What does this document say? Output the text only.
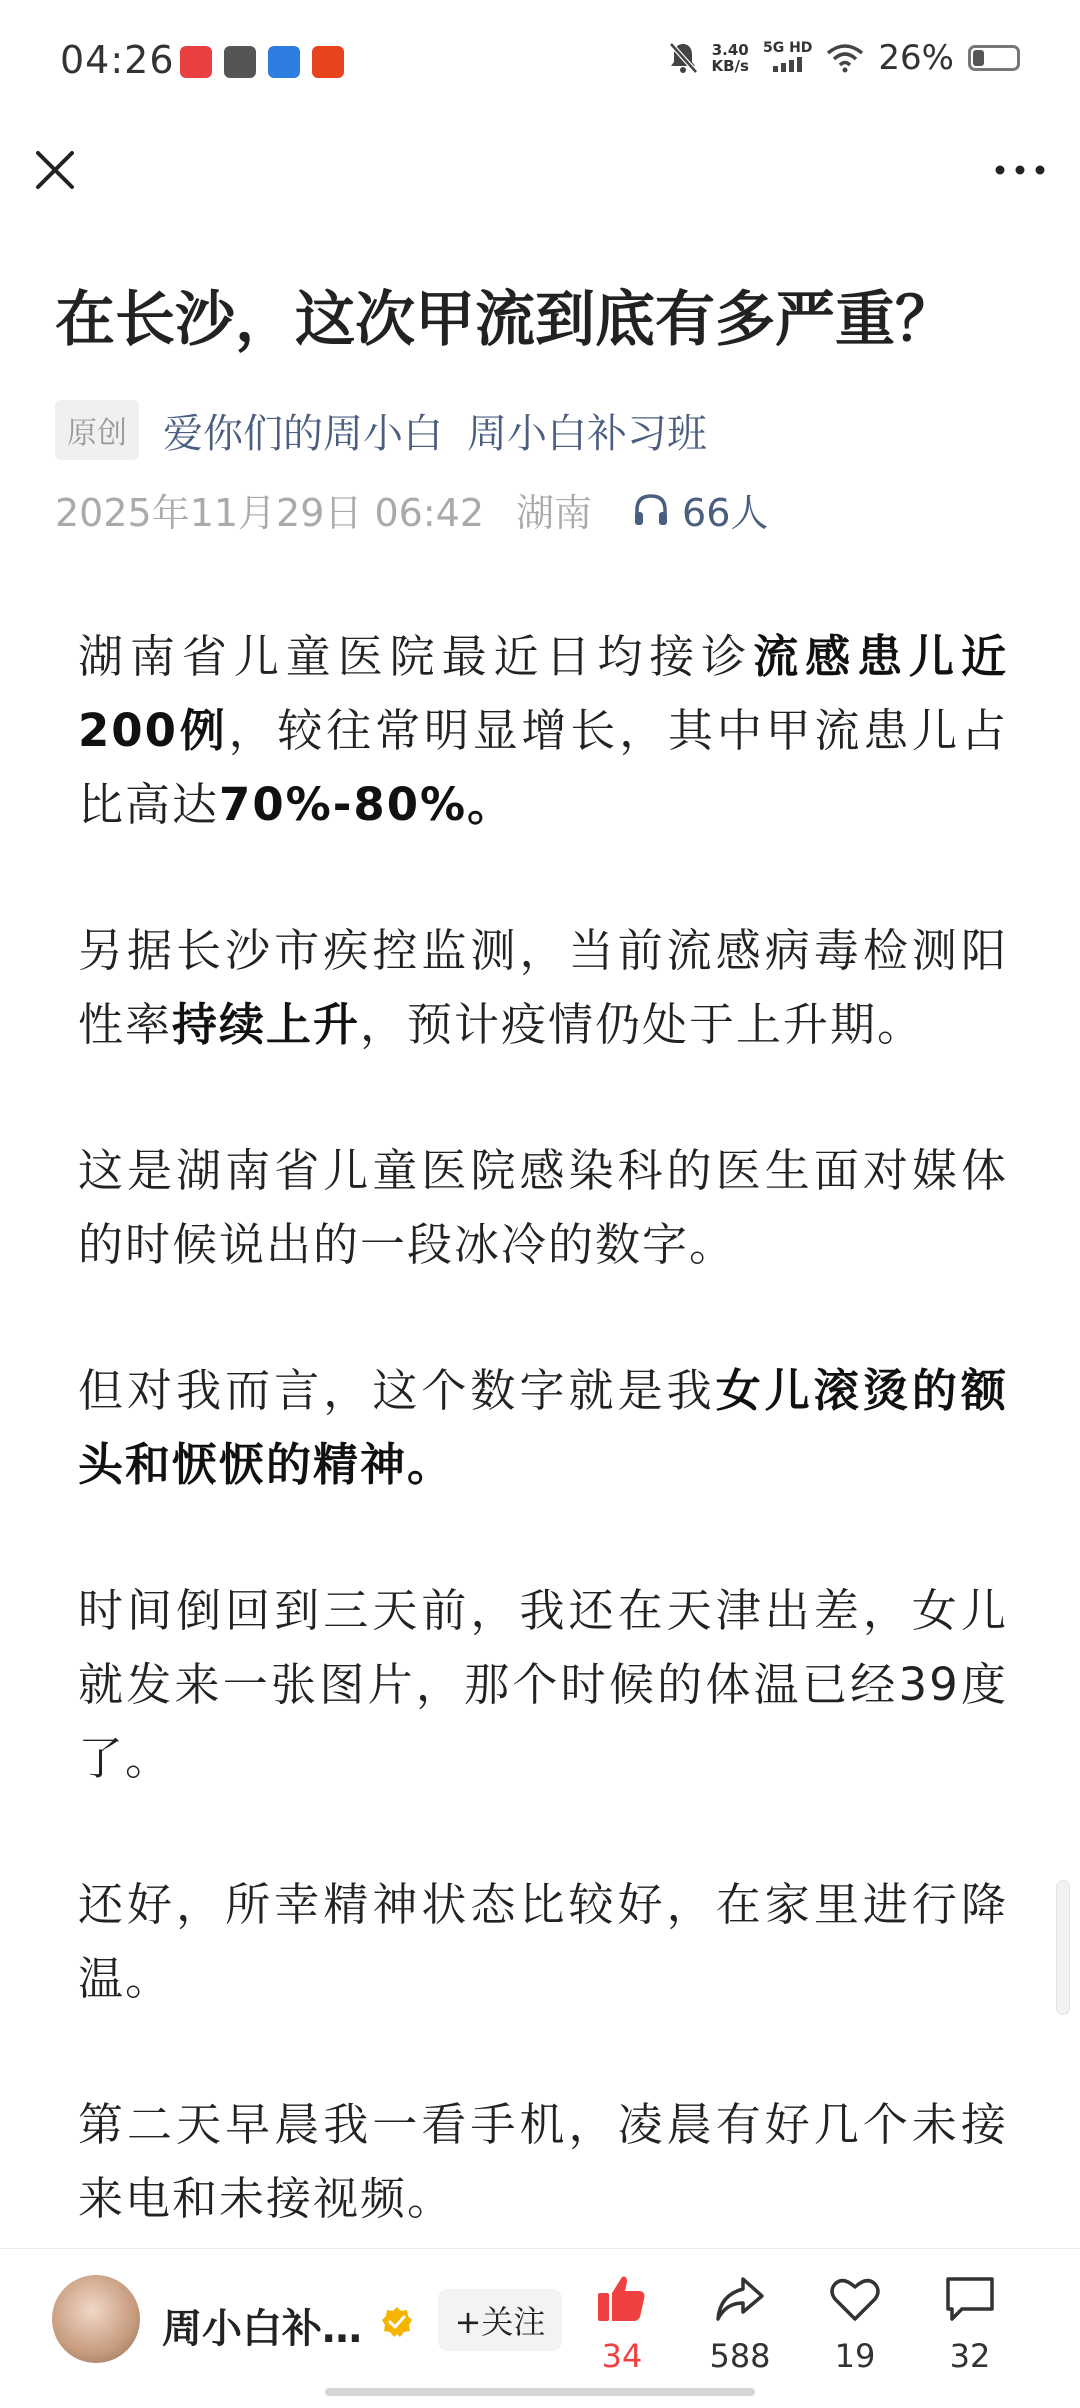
04:26	3.40
KB/s
5G HD 26%
在长沙，这次甲流到底有多严重？
原创 爱你们的周小白 周小白补习班
2025年11月29日 06:42 湖南 66人

湖南省儿童医院最近日均接诊流感患儿近200例，较往常明显增长，其中甲流患儿占比高达70%-80%。

另据长沙市疾控监测，当前流感病毒检测阳性率持续上升，预计疫情仍处于上升期。

这是湖南省儿童医院感染科的医生面对媒体的时候说出的一段冰冷的数字。

但对我而言，这个数字就是我女儿滚烫的额头和恹恹的精神。

时间倒回到三天前，我还在天津出差，女儿就发来一张图片，那个时候的体温已经39度了。

还好，所幸精神状态比较好，在家里进行降温。

第二天早晨我一看手机，凌晨有好几个未接来电和未接视频。

周小白补…	+关注
34	588	19	32
